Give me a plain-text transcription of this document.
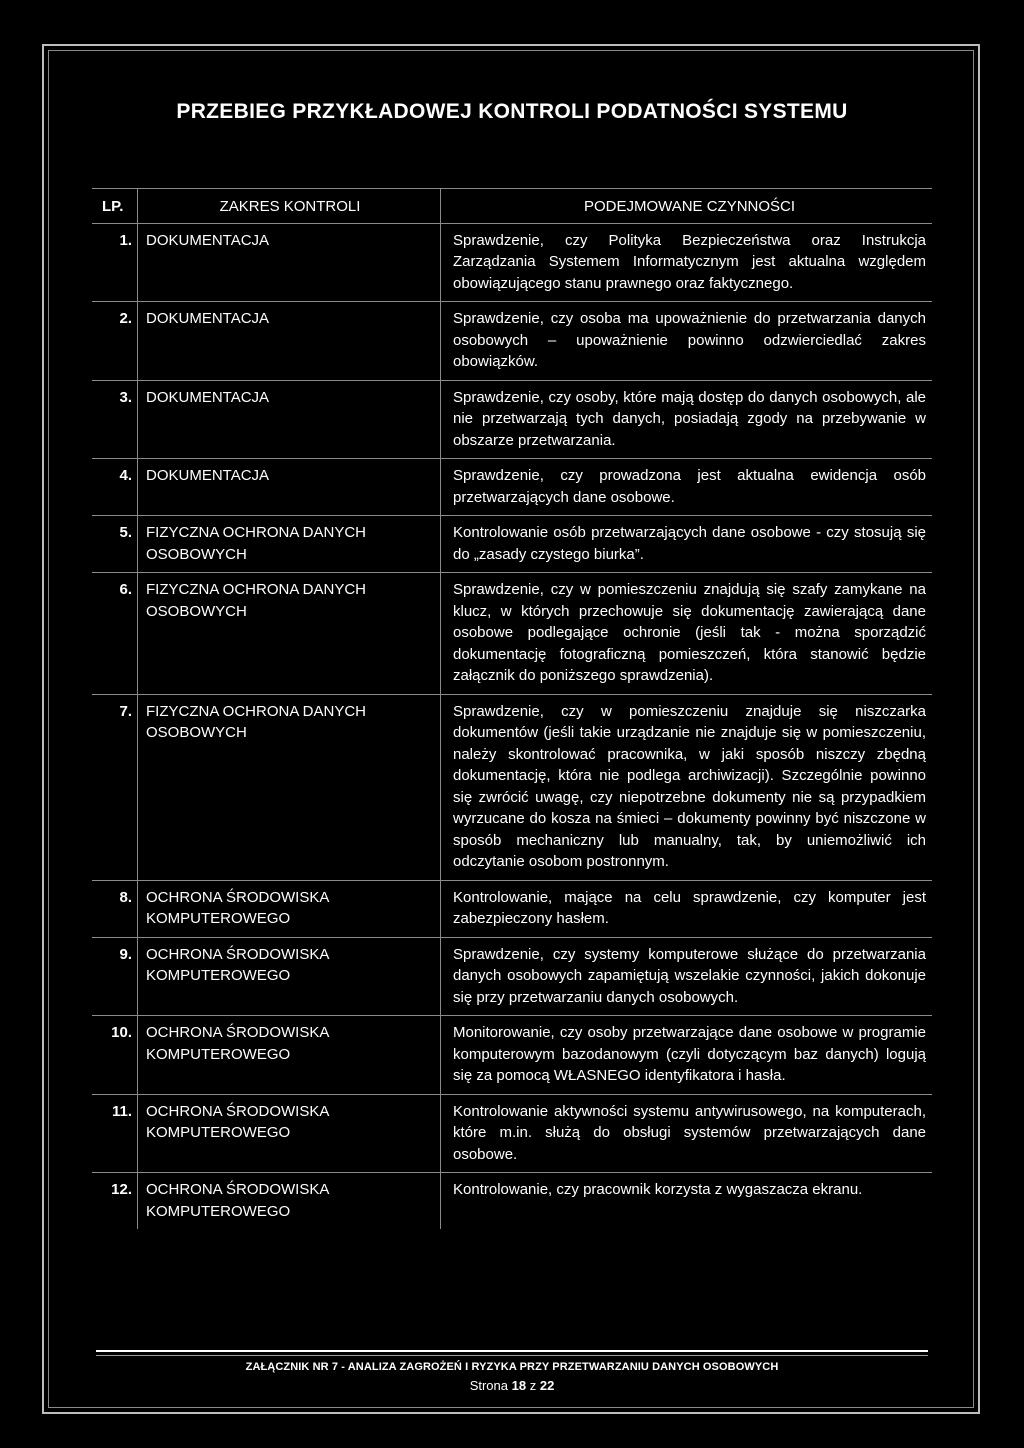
PRZEBIEG PRZYKŁADOWEJ KONTROLI PODATNOŚCI SYSTEMU
LP.	ZAKRES KONTROLI	PODEJMOWANE CZYNNOŚCI
1.	DOKUMENTACJA	Sprawdzenie, czy Polityka Bezpieczeństwa oraz Instrukcja Zarządzania Systemem Informatycznym jest aktualna względem obowiązującego stanu prawnego oraz faktycznego.
2.	DOKUMENTACJA	Sprawdzenie, czy osoba ma upoważnienie do przetwarzania danych osobowych – upoważnienie powinno odzwierciedlać zakres obowiązków.
3.	DOKUMENTACJA	Sprawdzenie, czy osoby, które mają dostęp do danych osobowych, ale nie przetwarzają tych danych, posiadają zgody na przebywanie w obszarze przetwarzania.
4.	DOKUMENTACJA	Sprawdzenie, czy prowadzona jest aktualna ewidencja osób przetwarzających dane osobowe.
5.	FIZYCZNA OCHRONA DANYCH OSOBOWYCH	Kontrolowanie osób przetwarzających dane osobowe - czy stosują się do „zasady czystego biurka”.
6.	FIZYCZNA OCHRONA DANYCH OSOBOWYCH	Sprawdzenie, czy w pomieszczeniu znajdują się szafy zamykane na klucz, w których przechowuje się dokumentację zawierającą dane osobowe podlegające ochronie (jeśli tak - można sporządzić dokumentację fotograficzną pomieszczeń, która stanowić będzie załącznik do poniższego sprawdzenia).
7.	FIZYCZNA OCHRONA DANYCH OSOBOWYCH	Sprawdzenie, czy w pomieszczeniu znajduje się niszczarka dokumentów (jeśli takie urządzanie nie znajduje się w pomieszczeniu, należy skontrolować pracownika, w jaki sposób niszczy zbędną dokumentację, która nie podlega archiwizacji). Szczególnie powinno się zwrócić uwagę, czy niepotrzebne dokumenty nie są przypadkiem wyrzucane do kosza na śmieci – dokumenty powinny być niszczone w sposób mechaniczny lub manualny, tak, by uniemożliwić ich odczytanie osobom postronnym.
8.	OCHRONA ŚRODOWISKA KOMPUTEROWEGO	Kontrolowanie, mające na celu sprawdzenie, czy komputer jest zabezpieczony hasłem.
9.	OCHRONA ŚRODOWISKA KOMPUTEROWEGO	Sprawdzenie, czy systemy komputerowe służące do przetwarzania danych osobowych zapamiętują wszelakie czynności, jakich dokonuje się przy przetwarzaniu danych osobowych.
10.	OCHRONA ŚRODOWISKA KOMPUTEROWEGO	Monitorowanie, czy osoby przetwarzające dane osobowe w programie komputerowym bazodanowym (czyli dotyczącym baz danych) logują się za pomocą WŁASNEGO identyfikatora i hasła.
11.	OCHRONA ŚRODOWISKA KOMPUTEROWEGO	Kontrolowanie aktywności systemu antywirusowego, na komputerach, które m.in. służą do obsługi systemów przetwarzających dane osobowe.
12.	OCHRONA ŚRODOWISKA KOMPUTEROWEGO	Kontrolowanie, czy pracownik korzysta z wygaszacza ekranu.
ZAŁĄCZNIK NR 7 - ANALIZA ZAGROŻEŃ I RYZYKA PRZY PRZETWARZANIU DANYCH OSOBOWYCH
Strona 18 z 22
